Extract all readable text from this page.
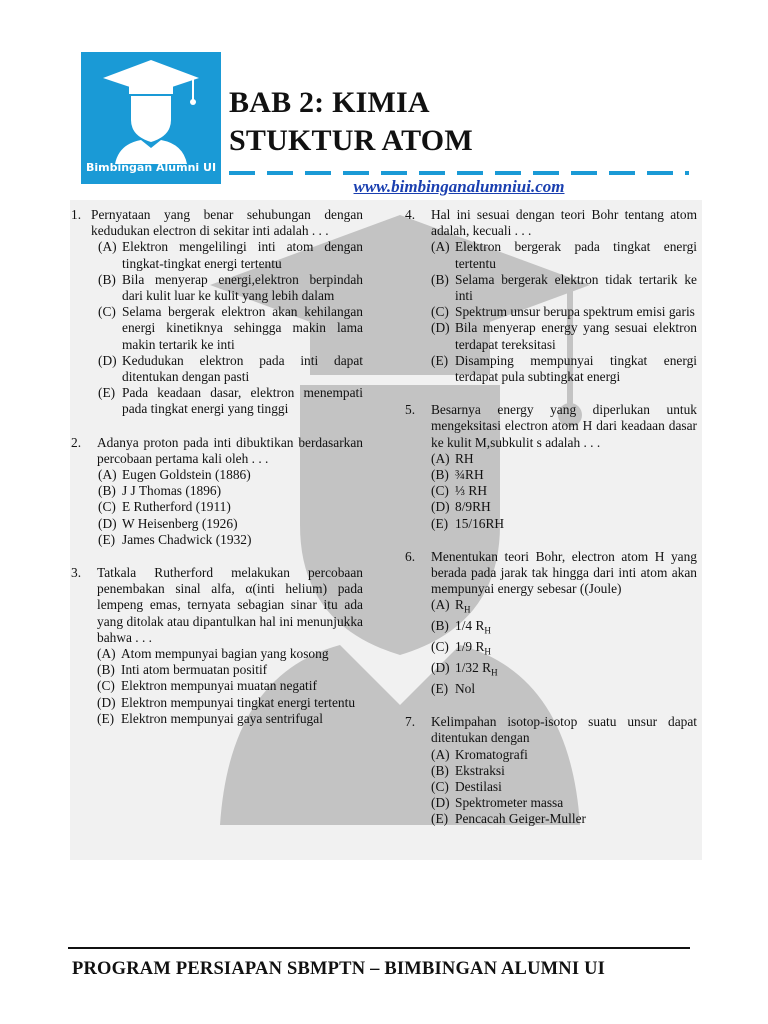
Bimbingan Alumni UI
BAB 2: KIMIA
STUKTUR ATOM
www.bimbinganalumniui.com
1. Pernyataan yang benar sehubungan dengan kedudukan electron di sekitar inti adalah . . .
(A) Elektron mengelilingi inti atom dengan tingkat-tingkat energi tertentu
(B) Bila menyerap energi,elektron berpindah dari kulit luar ke kulit yang lebih dalam
(C) Selama bergerak elektron akan kehilangan energi kinetiknya sehingga makin lama makin tertarik ke inti
(D) Kedudukan elektron pada inti dapat ditentukan dengan pasti
(E) Pada keadaan dasar, elektron menempati pada tingkat energi yang tinggi
2.	Adanya proton pada inti dibuktikan berdasarkan percobaan pertama kali oleh . . .
(A) Eugen Goldstein (1886)
(B) J J Thomas (1896)
(C) E Rutherford (1911)
(D) W Heisenberg (1926)
(E) James Chadwick (1932)
3.	Tatkala Rutherford melakukan percobaan penembakan sinal alfa, α(inti helium) pada lempeng emas, ternyata sebagian sinar itu ada yang ditolak atau dipantulkan hal ini menunjukka bahwa . . .
(A) Atom mempunyai bagian yang kosong
(B) Inti atom bermuatan positif
(C) Elektron mempunyai muatan negatif
(D) Elektron mempunyai tingkat energi tertentu
(E) Elektron mempunyai gaya sentrifugal
4.	Hal ini sesuai dengan teori Bohr tentang atom adalah, kecuali . . .
(A) Elektron bergerak pada tingkat energi tertentu
(B) Selama bergerak elektron tidak tertarik ke inti
(C) Spektrum unsur berupa spektrum emisi garis
(D) Bila menyerap energy yang sesuai elektron terdapat tereksitasi
(E) Disamping mempunyai tingkat energi terdapat pula subtingkat energi
5.	Besarnya energy yang diperlukan untuk mengeksitasi electron atom H dari keadaan dasar ke kulit M,subkulit s adalah . . .
(A) RH
(B) ¾RH
(C) ⅓ RH
(D) 8/9RH
(E) 15/16RH
6.	Menentukan teori Bohr, electron atom H yang berada pada jarak tak hingga dari inti atom akan mempunyai energy sebesar ((Joule)
(A) $R_H$
(B) 1/4 $R_H$
(C) 1/9 $R_H$
(D) 1/32 $R_H$
(E) Nol
7.	Kelimpahan isotop-isotop suatu unsur dapat ditentukan dengan
(A) Kromatografi
(B) Ekstraksi
(C) Destilasi
(D) Spektrometer massa
(E) Pencacah Geiger-Muller
PROGRAM PERSIAPAN SBMPTN – BIMBINGAN ALUMNI UI
